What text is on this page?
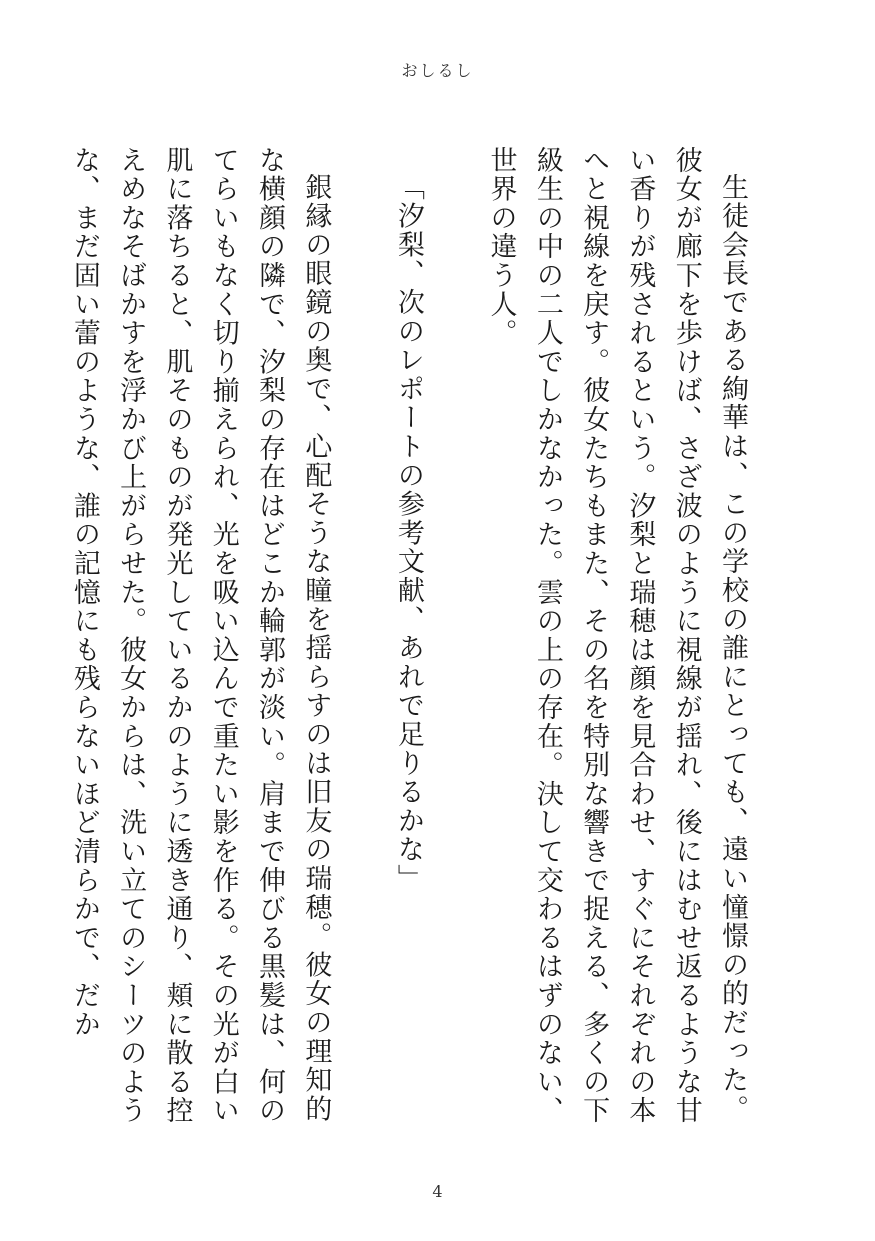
おしるし

生徒会長である絢華は、この学校の誰にとっても、遠い憧憬の的だった。彼女が廊下を歩けば、さざ波のように視線が揺れ、後にはむせ返るような甘い香りが残されるという。汐梨と瑞穂は顔を見合わせ、すぐにそれぞれの本へと視線を戻す。彼女たちもまた、その名を特別な響きで捉える、多くの下級生の中の二人でしかなかった。雲の上の存在。決して交わるはずのない、世界の違う人。

「汐梨、次のレポートの参考文献、あれで足りるかな」

銀縁の眼鏡の奥で、心配そうな瞳を揺らすのは旧友の瑞穂。彼女の理知的な横顔の隣で、汐梨の存在はどこか輪郭が淡い。肩まで伸びる黒髪は、何のてらいもなく切り揃えられ、光を吸い込んで重たい影を作る。その光が白い肌に落ちると、肌そのものが発光しているかのように透き通り、頬に散る控えめなそばかすを浮かび上がらせた。彼女からは、洗い立てのシーツのような、まだ固い蕾のような、誰の記憶にも残らないほど清らかで、だか

4
